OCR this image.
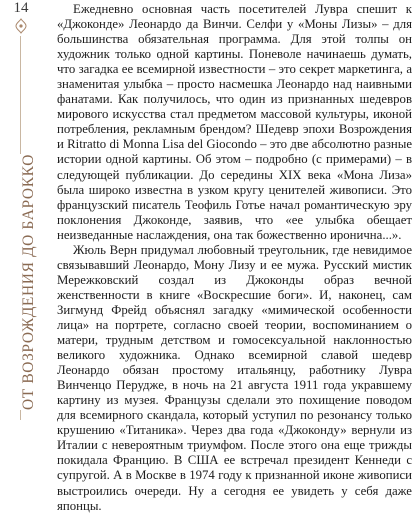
14
ОТ ВОЗРОЖДЕНИЯ ДО БАРОККО

Ежедневно основная часть посетителей Лувра спешит к «Джоконде» Леонардо да Винчи. Селфи у «Моны Лизы» – для большинства обязательная программа. Для этой толпы он художник только одной картины. Поневоле начинаешь думать, что загадка ее всемирной известности – это секрет маркетинга, а знаменитая улыбка – просто насмешка Леонардо над наивными фанатами. Как получилось, что один из признанных шедевров мирового искусства стал предметом массовой культуры, иконой потребления, рекламным брендом? Шедевр эпохи Возрождения и Ritratto di Monna Lisa del Giocondo – это две абсолютно разные истории одной картины. Об этом – подробно (с примерами) – в следующей публикации. До середины XIX века «Мона Лиза» была широко известна в узком кругу ценителей живописи. Это французский писатель Теофиль Готье начал романтическую эру поклонения Джоконде, заявив, что «ее улыбка обещает неизведанные наслаждения, она так божественно иронична...».

Жюль Верн придумал любовный треугольник, где невидимое связывавший Леонардо, Мону Лизу и ее мужа. Русский мистик Мережковский создал из Джоконды образ вечной женственности в книге «Воскресшие боги». И, наконец, сам Зигмунд Фрейд объяснял загадку «мимической особенности лица» на портрете, согласно своей теории, воспоминанием о матери, трудным детством и гомосексуальной наклонностью великого художника. Однако всемирной славой шедевр Леонардо обязан простому итальянцу, работнику Лувра Винченцо Перудже, в ночь на 21 августа 1911 года укравшему картину из музея. Французы сделали это похищение поводом для всемирного скандала, который уступил по резонансу только крушению «Титаника». Через два года «Джоконду» вернули из Италии с невероятным триумфом. После этого она еще трижды покидала Францию. В США ее встречал президент Кеннеди с супругой. А в Москве в 1974 году к признанной иконе живописи выстроились очереди. Ну а сегодня ее увидеть у себя даже японцы.
